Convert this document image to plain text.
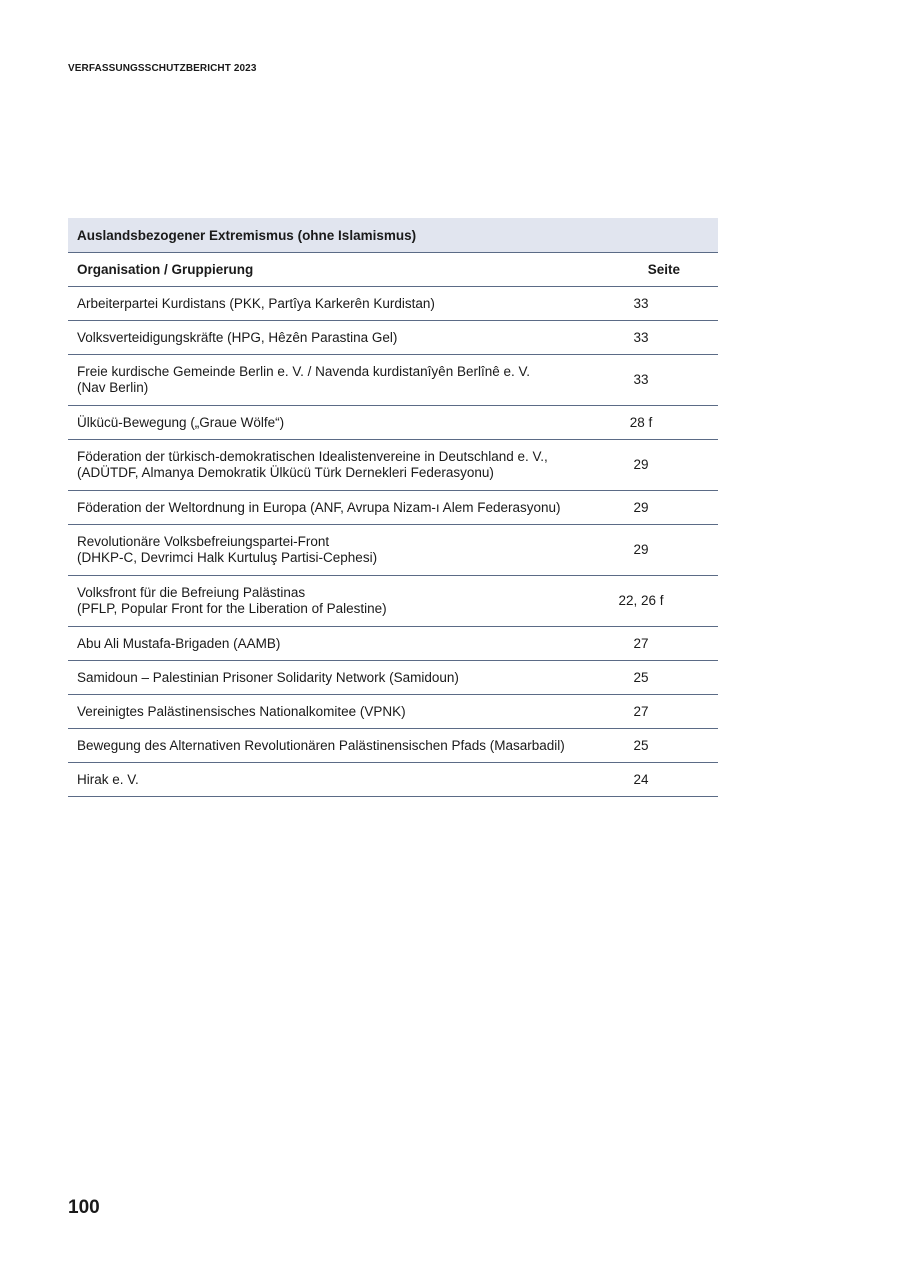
VERFASSUNGSSCHUTZBERICHT 2023
Auslandsbezogener Extremismus (ohne Islamismus)	
Organisation / Gruppierung	Seite
Arbeiterpartei Kurdistans (PKK, Partîya Karkerên Kurdistan)	33
Volksverteidigungskräfte (HPG, Hêzên Parastina Gel)	33
Freie kurdische Gemeinde Berlin e. V. / Navenda kurdistanîyên Berlînê e. V.
(Nav Berlin)	33
Ülkücü-Bewegung („Graue Wölfe“)	28 f
Föderation der türkisch-demokratischen Idealistenvereine in Deutschland e. V.,
(ADÜTDF, Almanya Demokratik Ülkücü Türk Dernekleri Federasyonu)	29
Föderation der Weltordnung in Europa (ANF, Avrupa Nizam-ı Alem Federasyonu)	29
Revolutionäre Volksbefreiungspartei-Front
(DHKP-C, Devrimci Halk Kurtuluş Partisi-Cephesi)	29
Volksfront für die Befreiung Palästinas
(PFLP, Popular Front for the Liberation of Palestine)	22, 26 f
Abu Ali Mustafa-Brigaden (AAMB)	27
Samidoun – Palestinian Prisoner Solidarity Network (Samidoun)	25
Vereinigtes Palästinensisches Nationalkomitee (VPNK)	27
Bewegung des Alternativen Revolutionären Palästinensischen Pfads (Masarbadil)	25
Hirak e. V.	24
100
